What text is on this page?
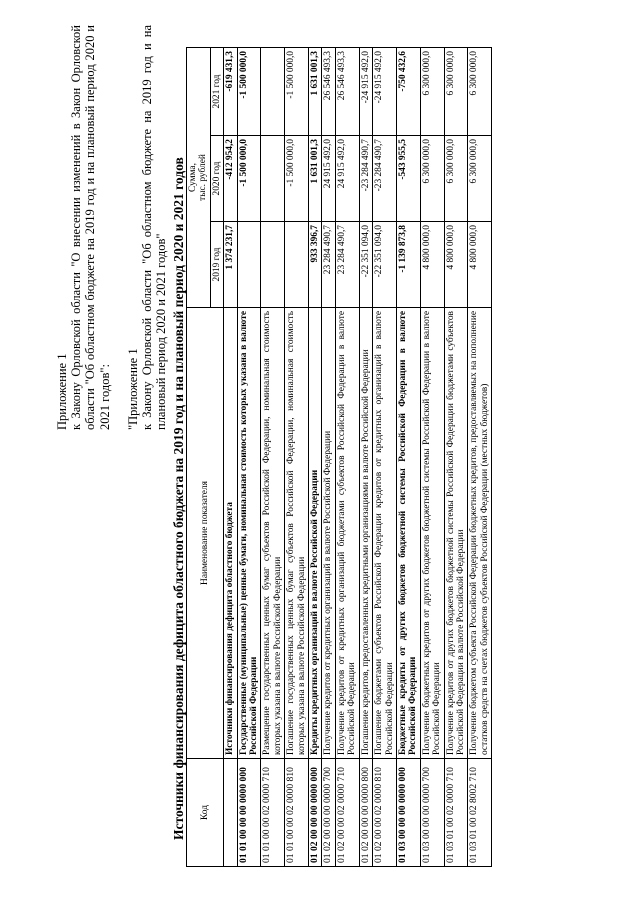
Приложение 1 к Закону Орловской области "О внесении изменений в Закон Орловской области "Об областном бюджете на 2019 год и на плановый период 2020 и 2021 годов": "Приложение 1 к Закону Орловской области "Об областном бюджете на 2019 год и на плановый период 2020 и 2021 годов" Источники финансирования дефицита областного бюджета на 2019 год и на плановый период 2020 и 2021 годов Код	Наименование показателя	Сумма,
тыс. рублей		
		2019 год	2020 год	2021 год
	Источники финансирования дефицита областного бюджета	1 374 231,7	-412 954,2	-619 431,3
01 01 00 00 00 0000 000	Государственные (муниципальные) ценные бумаги, номинальная стоимость которых указана в валюте Российской Федерации		-1 500 000,0	-1 500 000,0
01 01 00 00 02 0000 710	Размещение государственных ценных бумаг субъектов Российской Федерации, номинальная стоимость которых указана в валюте Российской Федерации			
01 01 00 00 02 0000 810	Погашение государственных ценных бумаг субъектов Российской Федерации, номинальная стоимость которых указана в валюте Российской Федерации		-1 500 000,0	-1 500 000,0
01 02 00 00 00 0000 000	Кредиты кредитных организаций в валюте Российской Федерации	933 396,7	1 631 001,3	1 631 001,3
01 02 00 00 00 0000 700	Получение кредитов от кредитных организаций в валюте Российской Федерации	23 284 490,7	24 915 492,0	26 546 493,3
01 02 00 00 02 0000 710	Получение кредитов от кредитных организаций бюджетами субъектов Российской Федерации в валюте Российской Федерации	23 284 490,7	24 915 492,0	26 546 493,3
01 02 00 00 00 0000 800	Погашение кредитов, предоставленных кредитными организациями в валюте Российской Федерации	-22 351 094,0	-23 284 490,7	-24 915 492,0
01 02 00 00 02 0000 810	Погашение бюджетами субъектов Российской Федерации кредитов от кредитных организаций в валюте Российской Федерации	-22 351 094,0	-23 284 490,7	-24 915 492,0
01 03 00 00 00 0000 000	Бюджетные кредиты от других бюджетов бюджетной системы Российской Федерации в валюте Российской Федерации	-1 139 873,8	-543 955,5	-750 432,6
01 03 00 00 00 0000 700	Получение бюджетных кредитов от других бюджетов бюджетной системы Российской Федерации в валюте Российской Федерации	4 800 000,0	6 300 000,0	6 300 000,0
01 03 01 00 02 0000 710	Получение кредитов от других бюджетов бюджетной системы Российской Федерации бюджетами субъектов Российской Федерации в валюте Российской Федерации	4 800 000,0	6 300 000,0	6 300 000,0
01 03 01 00 02 8002 710	Получение бюджетом субъекта Российской Федерации бюджетных кредитов, предоставляемых на пополнение остатков средств на счетах бюджетов субъектов Российской Федерации (местных бюджетов)	4 800 000,0	6 300 000,0	6 300 000,0
